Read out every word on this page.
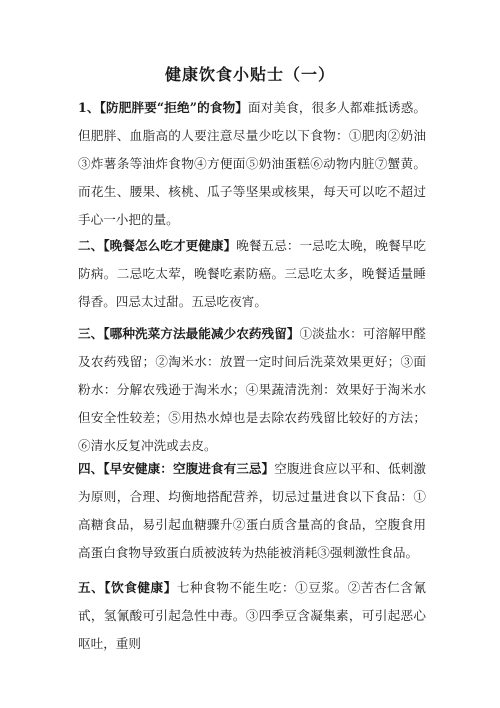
健康饮食小贴士（一）
1、【防肥胖要“拒绝”的食物】面对美食，很多人都难抵诱惑。但肥胖、血脂高的人要注意尽量少吃以下食物：①肥肉②奶油③炸薯条等油炸食物④方便面⑤奶油蛋糕⑥动物内脏⑦蟹黄。而花生、腰果、核桃、瓜子等坚果或核果，每天可以吃不超过手心一小把的量。
二、【晚餐怎么吃才更健康】晚餐五忌：一忌吃太晚，晚餐早吃防病。二忌吃太荤，晚餐吃素防癌。三忌吃太多，晚餐适量睡得香。四忌太过甜。五忌吃夜宵。
三、【哪种洗菜方法最能减少农药残留】①淡盐水：可溶解甲醛及农药残留；②淘米水：放置一定时间后洗菜效果更好；③面粉水：分解农残逊于淘米水；④果蔬清洗剂：效果好于淘米水但安全性较差；⑤用热水焯也是去除农药残留比较好的方法；⑥清水反复冲洗或去皮。
四、【早安健康：空腹进食有三忌】空腹进食应以平和、低刺激为原则，合理、均衡地搭配营养，切忌过量进食以下食品：①高糖食品，易引起血糖骤升②蛋白质含量高的食品，空腹食用高蛋白食物导致蛋白质被波转为热能被消耗③强刺激性食品。
五、【饮食健康】七种食物不能生吃：①豆浆。②苦杏仁含氰甙，氢氰酸可引起急性中毒。③四季豆含凝集素，可引起恶心呕吐，重则
